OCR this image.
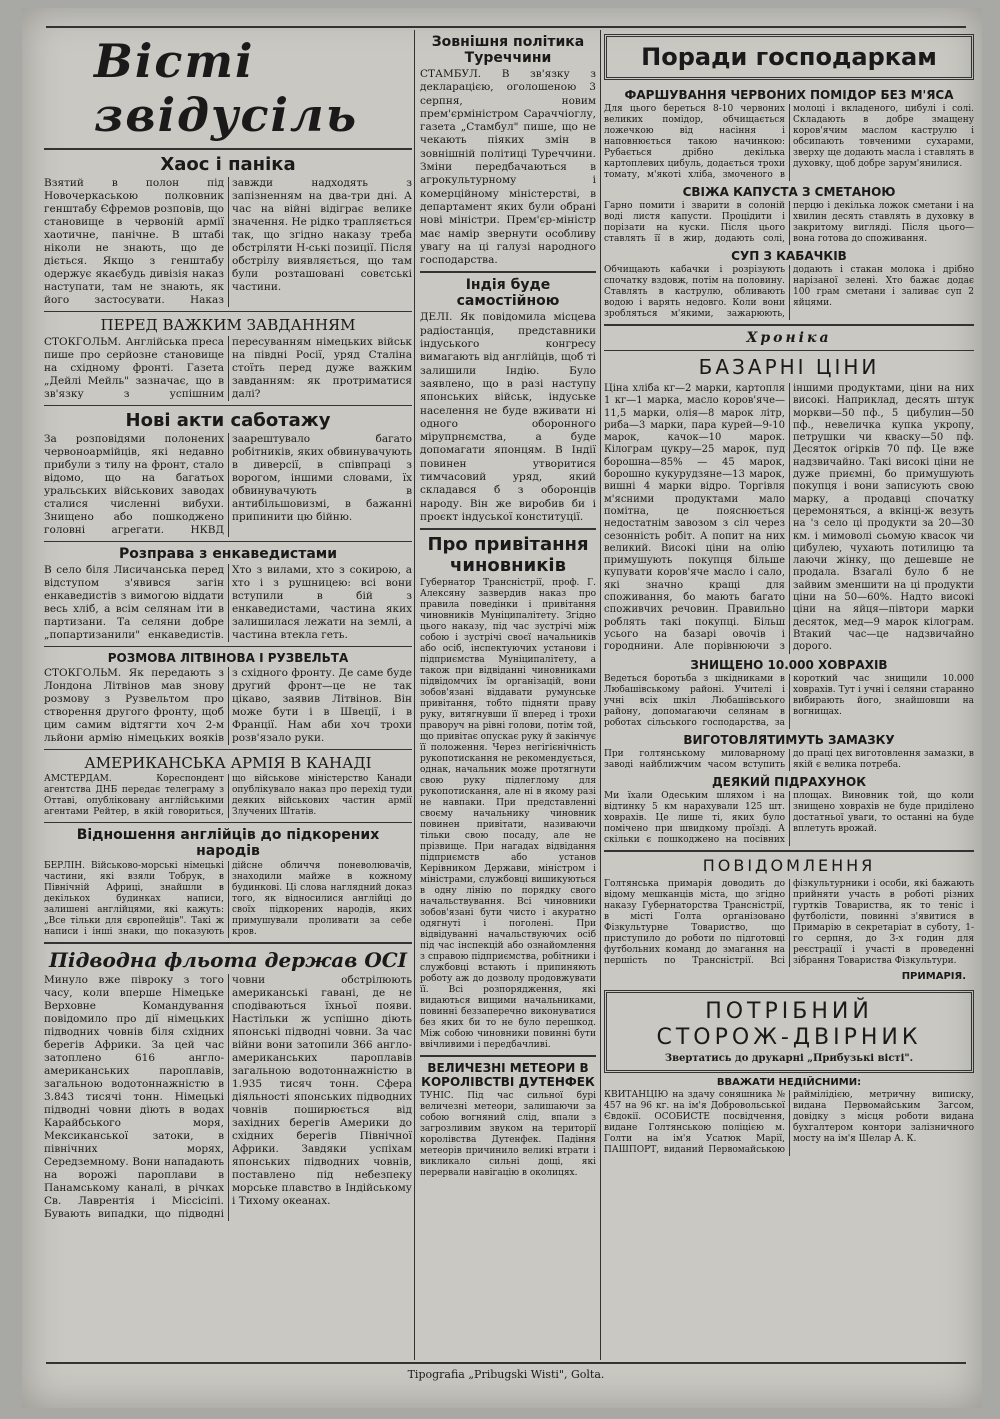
Вісті звідусіль
Хаос і паніка
Взятий в полон під Новочеркаською полковник генштабу Єфремов розповів, що становище в червоній армії хаотичне, панічне. В штабі ніколи не знають, що де діється. Якщо з генштабу одержує якаєбудь дивізія наказ наступати, там не знають, як його застосувати. Наказ завжди надходять з запізненням на два-три дні. А час на війні відіграє велике значення. Не рідко трапляється так, що згідно наказу треба обстріляти Н-ські позиції. Після обстрілу виявляється, що там були розташовані совєтські частини.
ПЕРЕД ВАЖКИМ ЗАВДАННЯМ
СТОКГОЛЬМ. Англійська преса пише про серйозне становище на східному фронті. Газета „Дейлі Мейль" зазначає, що в зв'язку з успішним пересуванням німецьких військ на півдні Росії, уряд Сталіна стоїть перед дуже важким завданням: як протриматися далі?
Нові акти саботажу
За розповідями полонених червоноармійців, які недавно прибули з тилу на фронт, стало відомо, що на багатьох уральських військових заводах сталися численні вибухи. Знищено або пошкоджено головні агрегати. НКВД заарештувало багато робітників, яких обвинувачують в диверсії, в співпраці з ворогом, іншими словами, їх обвинувачують в антибільшовизмі, в бажанні припинити цю бійню.
Розправа з енкаведистами
В село біля Лисичанська перед відступом з'явився загін енкаведистів з вимогою віддати весь хліб, а всім селянам іти в партизани. Та селяни добре „попартизанили" енкаведистів. Хто з вилами, хто з сокирою, а хто і з рушницею: всі вони вступили в бій з енкаведистами, частина яких залишилася лежати на землі, а частина втекла геть.
РОЗМОВА ЛІТВІНОВА І РУЗВЕЛЬТА
СТОКГОЛЬМ. Як передають з Лондона Літвінов мав знову розмову з Рузвельтом про створення другого фронту, щоб цим самим відтягти хоч 2-м льйони армію німецьких вояків з східного фронту. Де саме буде другий фронт—це не так цікаво, заявив Літвінов. Він може бути і в Швеції, і в Франції. Нам аби хоч трохи розв'язало руки.
АМЕРИКАНСЬКА АРМІЯ В КАНАДІ
АМСТЕРДАМ. Кореспондент агентства ДНБ передає телеграму з Оттаві, опубліковану англійськими агентами Рейтер, в якій говориться, що військове міністерство Канади опублікувало наказ про перехід туди деяких військових частин армії Злучених Штатів.
Відношення англійців до підкорених народів
БЕРЛІН. Військово-морські німецькі частини, які взяли Тобрук, в Північній Африці, знайшли в декількох будинках написи, залишені англійцями, які кажуть: „Все тільки для європейців". Такі ж написи і інші знаки, що показують дійсне обличчя поневолювачів, знаходили майже в кожному будинкові. Ці слова наглядний доказ того, як відносилися англійці до своїх підкорених народів, яких примушували проливати за себе кров.
Підводна фльота держав ОСІ
Минуло вже півроку з того часу, коли вперше Німецьке Верховне Командування повідомило про дії німецьких підводних човнів біля східних берегів Африки. За цей час затоплено 616 англо-американських пароплавів, загальною водотоннажністю в 3.843 тисячі тонн. Німецькі підводні човни діють в водах Карайбського моря, Мексиканської затоки, в північних морях, Середземному. Вони нападають на ворожі пароплави в Панамському каналі, в річках Св. Лаврентія і Міссісіпі. Бувають випадки, що підводні човни обстрілюють американські гавані, де не сподіваються їхньої появи. Настільки ж успішно діють японські підводні човни. За час війни вони затопили 366 англо-американських пароплавів загальною водотоннажністю в 1.935 тисяч тонн. Сфера діяльності японських підводних човнів поширюється від західних берегів Америки до східних берегів Північної Африки. Завдяки успіхам японських підводних човнів, поставлено під небезпеку морське плавство в Індійському і Тихому океанах.
Зовнішня політика Туреччини
СТАМБУЛ. В зв'язку з декларацією, оголошеною 3 серпня, новим прем'єрміністром Сараччіоглу, газета „Стамбул" пише, що не чекають піяких змін в зовнішній політиці Туреччини. Зміни передбачаються в агрокультурному і комерційному міністерстві, в департамент яких були обрані нові міністри. Прем'єр-міністр має намір звернути особливу увагу на ці галузі народного господарства.
Індія буде самостійною
ДЕЛІ. Як повідомила місцева радіостанція, представники індуського конгресу вимагають від англійців, щоб ті залишили Індію. Було заявлено, що в разі наступу японських військ, індуське населення не буде вживати ні одного оборонного мірупрнємства, а буде допомагати японцям. В Індії повинен утворитися тимчасовий уряд, який складався б з оборонців народу. Він же виробив би і проєкт індуської конституції.
Про привітання чиновників
Губернатор Трансністрії, проф. Г. Алексяну зазвердив наказ про правила поведінки і привітання чиновників Муніципалітету. Згідно цього наказу, під час зустрічі між собою і зустрічі своєї начальників або осіб, інспектуючих установи і підприємства Муніципалітету, а також при відвіданні чиновниками підвідомчих їм організацій, вони зобов'язані віддавати румунське привітання, тобто підняти праву руку, витягнувши її вперед і трохи праворуч на рівні голови, потім той, що привітає опускає руку й закінчує її положення. Через негігієнічність рукопотискання не рекомендується, однак, начальник може протягнути свою руку підлеглому для рукопотискання, але ні в якому разі не навпаки. При представленні своєму начальнику чиновник повинен привітати, називаючи тільки свою посаду, але не прізвище. При нагадах відвідання підприємств або установ Керівником Держави, міністром і міністрами, службовці вишикуються в одну лінію по порядку свого начальствування. Всі чиновники зобов'язані бути чисто і акуратно одягнуті і поголені. При відвідуванні начальствуючих осіб під час інспекцій або ознайомлення з справою підприємства, робітники і службовці встають і припиняють роботу аж до дозволу продовжувати її. Всі розпорядження, які видаються вищими начальниками, повинні беззаперечно виконуватися без яких би то не було перешкод. Між собою чиновники повинні бути ввічливими і передбачливі.
ВЕЛИЧЕЗНІ МЕТЕОРИ В КОРОЛІВСТВІ ДУТЕНФЕК
ТУНІС. Під час сильної бурі величезні метеори, залишаючи за собою вогняний слід, впали з загрозливим звуком на території королівства Дутенфек. Падіння метеорів причинило великі втрати і викликало сильні дощі, які перервали навігацію в околицях.
Поради господаркам
ФАРШУВАННЯ ЧЕРВОНИХ ПОМІДОР БЕЗ М'ЯСА
Для цього береться 8-10 червоних великих помідор, обчищається ложечкою від насіння і наповнюється такою начинкою: Рубається дрібно декілька картоплевих цибуль, додається трохи томату, м'якоті хліба, змоченого в молоці і вкладеного, цибулі і солі. Складають в добре змащену коров'ячим маслом каструлю і обсипають товченими сухарами, зверху ще додають масла і ставлять в духовку, щоб добре зарум'янилися.
СВІЖА КАПУСТА З СМЕТАНОЮ
Гарно помити і зварити в солоній воді листя капусти. Процідити і порізати на куски. Після цього ставлять її в жир, додають солі, перцю і декілька ложок сметани і на хвилин десять ставлять в духовку в закритому вигляді. Після цього—вона готова до споживання.
СУП З КАБАЧКІВ
Обчищають кабачки і розрізують спочатку вздовж, потім на половину. Ставлять в каструлю, обливають водою і варять недовго. Коли вони зробляться м'якими, зажарюють, додають і стакан молока і дрібно нарізаної зелені. Хто бажає додає 100 грам сметани і заливає суп 2 яйцями.
Хроніка
БАЗАРНІ ЦІНИ
Ціна хліба кг—2 марки, картопля 1 кг—1 марка, масло коров'яче—11,5 марки, олія—8 марок літр, риба—3 марки, пара курей—9-10 марок, качок—10 марок. Кілограм цукру—25 марок, пуд борошна—85% — 45 марок, борошно кукурудзяне—13 марок, вишні 4 марки відро. Торгівля м'ясними продуктами мало помітна, це пояснюється недостатнім завозом з сіл через сезонність робіт. А попит на них великий. Високі ціни на олію примушують покупця більше купувати коров'яче масло і сало, які значно кращі для споживання, бо мають багато споживчих речовин. Правильно роблять такі покупці. Більш усього на базарі овочів і городнини. Але порівнюючи з іншими продуктами, ціни на них високі. Наприклад, десять штук моркви—50 пф., 5 цибулин—50 пф., невеличка купка укропу, петрушки чи кваску—50 пф. Десяток огірків 70 пф. Це вже надзвичайно. Такі високі ціни не дуже приємні, бо примушують покупця і вони записують свою марку, а продавці спочатку церемоняться, а вкінці-ж везуть на 'з село ці продукти за 20—30 км. і мимоволі сьомую квасок чи цибулею, чухають потилицю та лаючи жінку, що дешевше не продала. Взагалі було б не зайвим зменшити на ці продукти ціни на 50—60%. Надто високі ціни на яйця—півтори марки десяток, мед—9 марок кілограм. Втакий час—це надзвичайно дорого.
ЗНИЩЕНО 10.000 ХОВРАХІВ
Ведеться боротьба з шкідниками в Любашівському районі. Учителі і учні всіх шкіл Любашівського району, допомагаючи селянам в роботах сільського господарства, за короткий час знищили 10.000 ховрахів. Тут і учні і селяни старанно вибирають його, знайшовши на вогнищах.
ВИГОТОВЛЯТИМУТЬ ЗАМАЗКУ
При голтянському миловарному заводі найближчим часом вступить до праці цех виготовлення замазки, в якій є велика потреба.
ДЕЯКИЙ ПІДРАХУНОК
Ми їхали Одеським шляхом і на відтинку 5 км нарахували 125 шт. ховрахів. Це лише ті, яких було помічено при швидкому проїзді. А скільки є пошкоджено на посівних площах. Виновник той, що коли знищено ховрахів не буде приділено достатньої уваги, то останні на буде вплетуть врожай.
ПОВІДОМЛЕННЯ
Голтянська примарія доводить до відому мешканців міста, що згідно наказу Губернаторства Трансністрії, в місті Голта організовано Фізкультурне Товариство, що приступило до роботи по підготовці футбольних команд до змагання на першість по Трансністрії. Всі фізкультурники і особи, які бажають прийняти участь в роботі різних гуртків Товариства, як то теніс і футболісти, повинні з'явитися в Примарію в секретаріат в суботу, 1-го серпня, до 3-х годин для реєстрації і участі в проведенні зібрання Товариства Фізкультури.
ПРИМАРІЯ.
ПОТРІБНИЙ
СТОРОЖ-ДВІРНИК
Звертатись до друкарні „Прибузькі вісті".
ВВАЖАТИ НЕДІЙСНИМИ:
КВИТАНЦІЮ на здачу соняшника № 457 на 96 кг. на ім'я Добровольської Євдокії. ОСОБИСТЕ посвідчення, видане Голтянською поліцією м. Голти на ім'я Усатюк Марії, ПАШПОРТ, виданий Первомайською раймілідією, метричну виписку, видана Первомайським Загсом, довідку з місця роботи видана бухгалтером контори залізничного мосту на ім'я Шелар А. К.
Tipografia „Pribugski Wisti", Golta.
